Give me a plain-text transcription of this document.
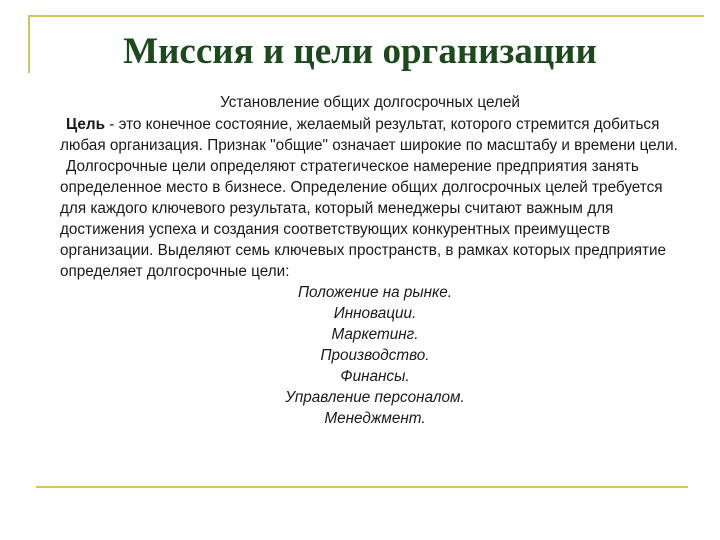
Миссия и цели организации

Установление общих долгосрочных целей

Цель - это конечное состояние, желаемый результат, которого стремится добиться любая организация. Признак "общие" означает широкие по масштабу и времени цели.

Долгосрочные цели определяют стратегическое намерение предприятия занять определенное место в бизнесе. Определение общих долгосрочных целей требуется для каждого ключевого результата, который менеджеры считают важным для достижения успеха и создания соответствующих конкурентных преимуществ организации. Выделяют семь ключевых пространств, в рамках которых предприятие определяет долгосрочные цели:

Положение на рынке.
Инновации.
Маркетинг.
Производство.
Финансы.
Управление персоналом.
Менеджмент.
